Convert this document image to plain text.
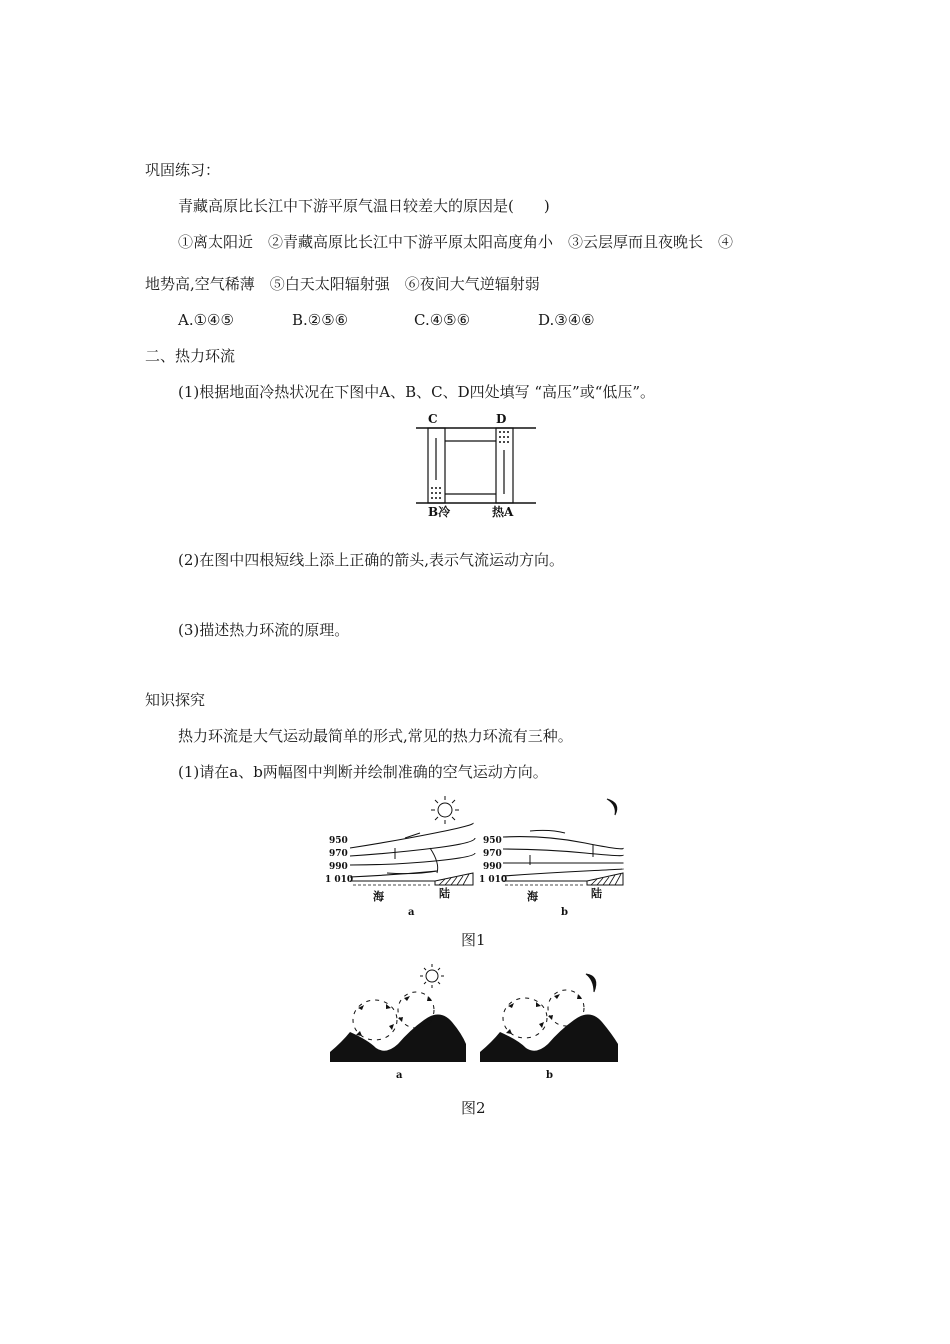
巩固练习：
青藏高原比长江中下游平原气温日较差大的原因是(　　)
①离太阳近　②青藏高原比长江中下游平原太阳高度角小　③云层厚而且夜晚长　④
地势高,空气稀薄　⑤白天太阳辐射强　⑥夜间大气逆辐射弱
A.①④⑤	B.②⑤⑥	C.④⑤⑥	D.③④⑥
二、热力环流
(1)根据地面冷热状况在下图中A、B、C、D四处填写 “高压”或“低压”。
C	D
B冷	热A
(2)在图中四根短线上添上正确的箭头,表示气流运动方向。
(3)描述热力环流的原理。
知识探究
热力环流是大气运动最简单的形式,常见的热力环流有三种。
(1)请在a、b两幅图中判断并绘制准确的空气运动方向。
950
970
990
1 010
海	陆
a
950
970
990
1 010
海	陆
b
图1
a	b
图2
